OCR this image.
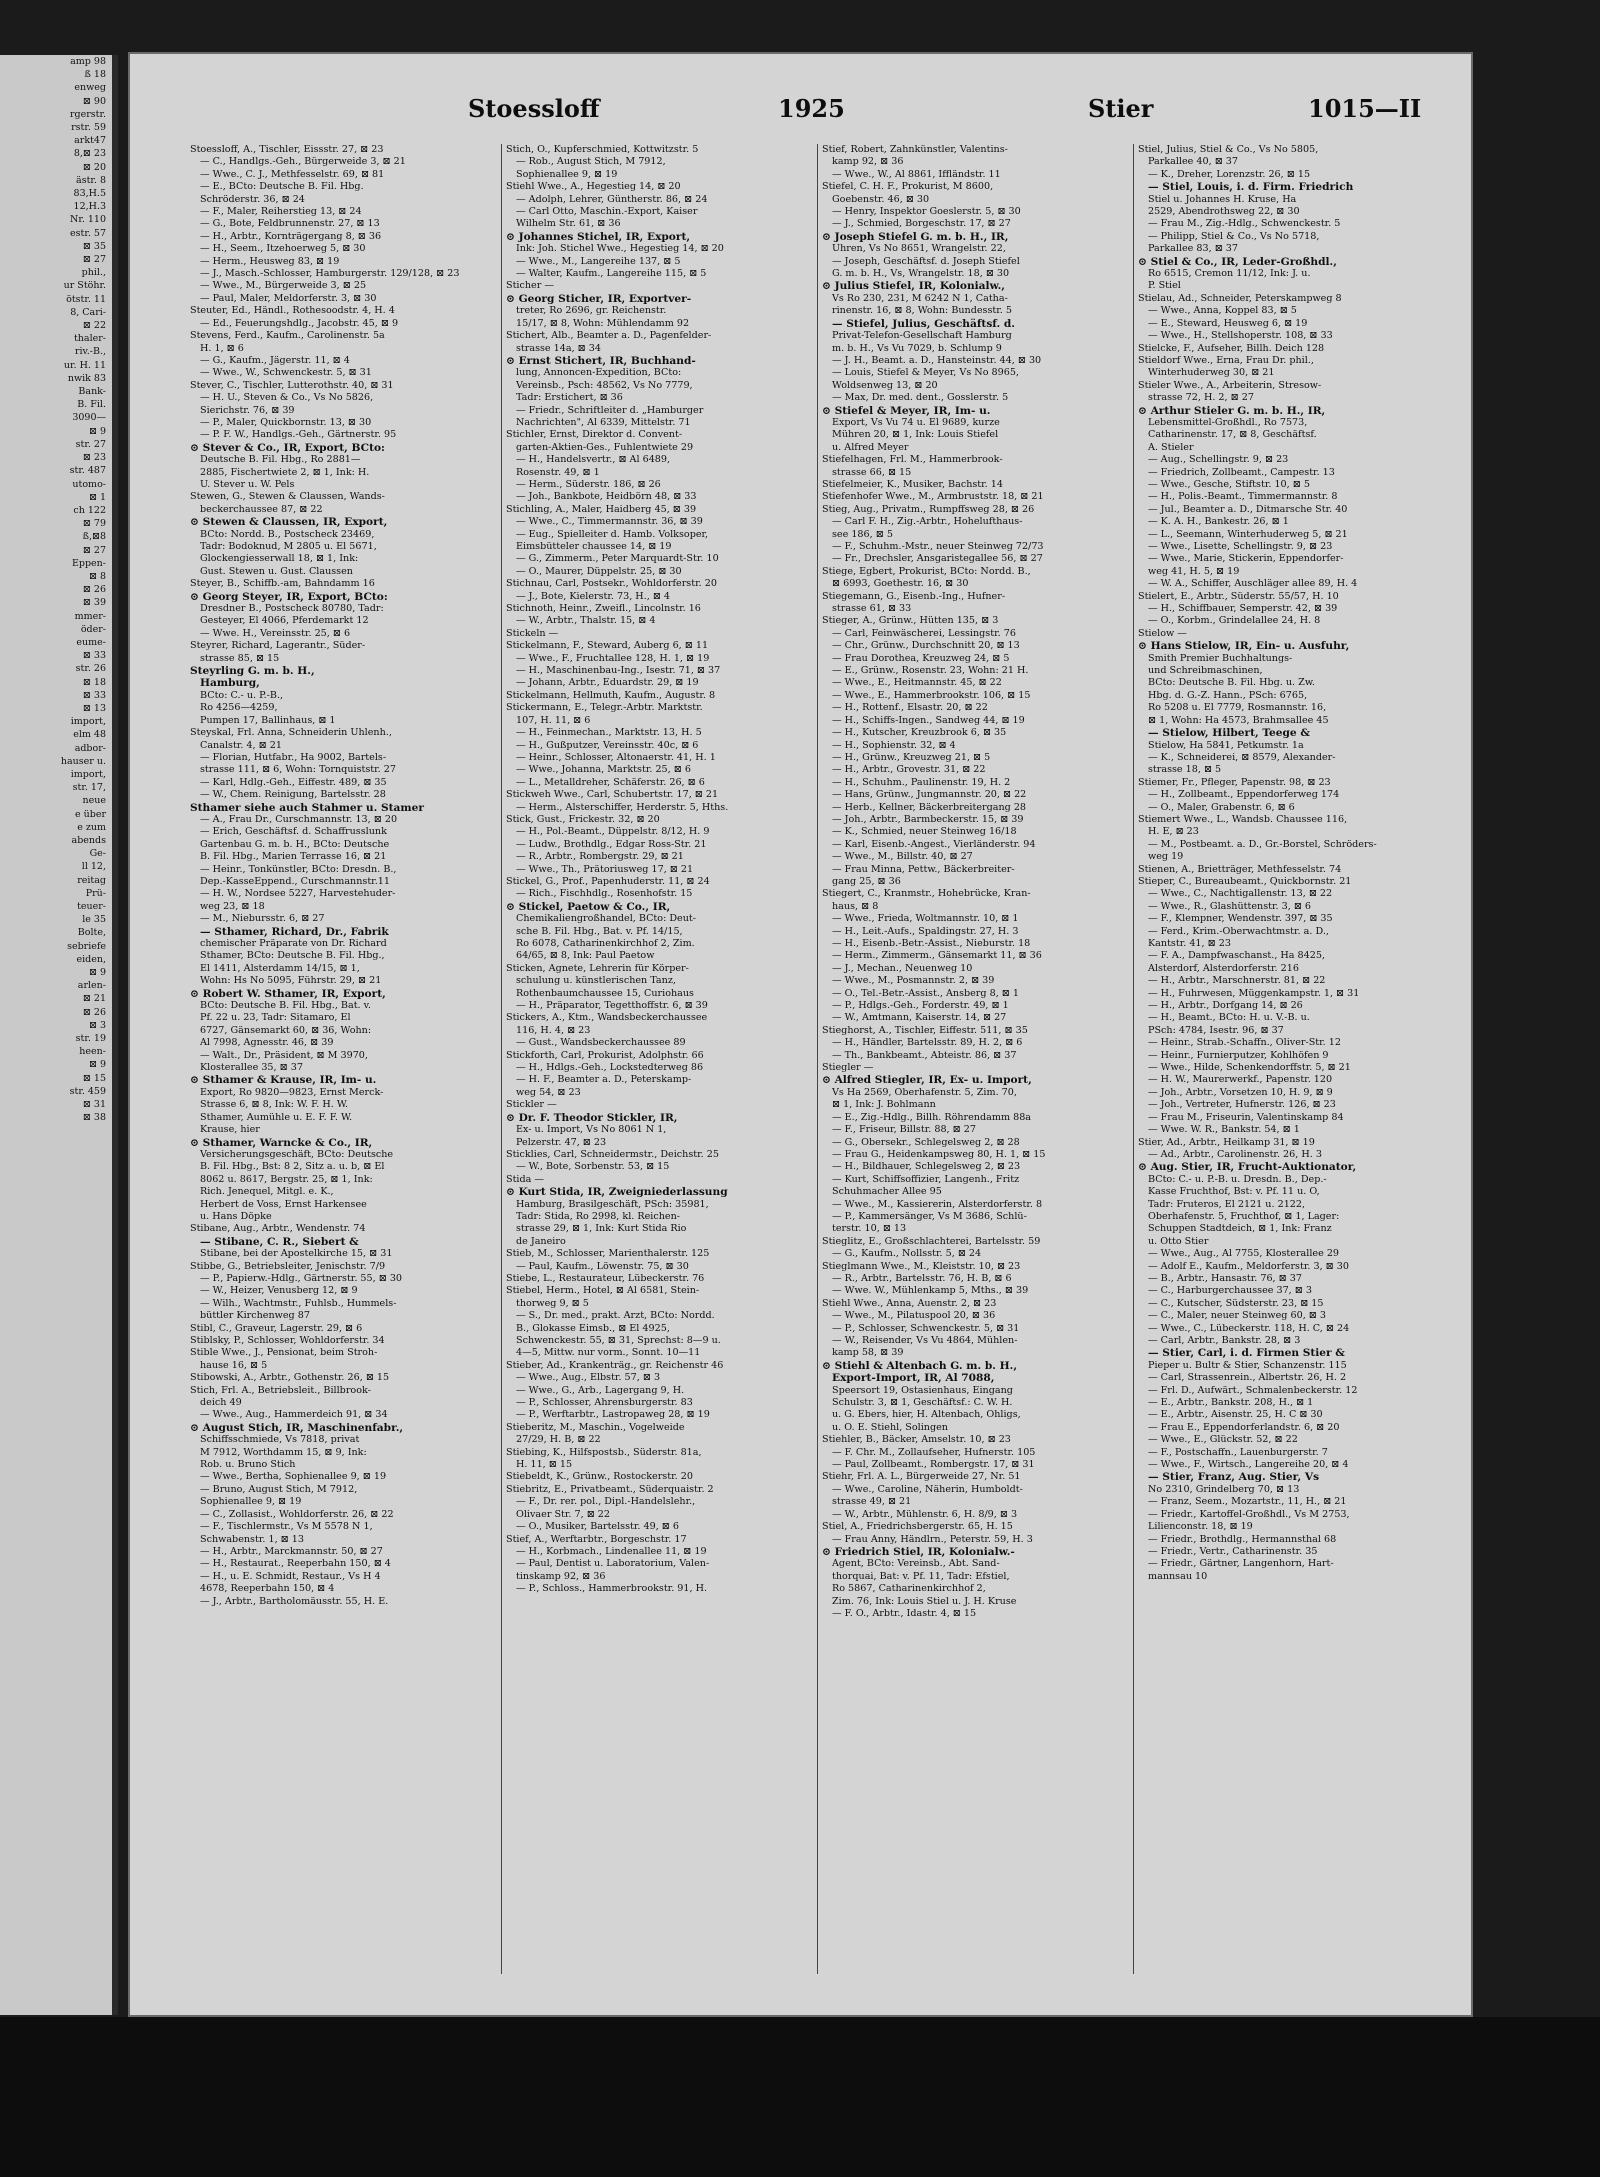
amp 98
ß 18
enweg
⊠ 90
rgerstr.
rstr. 59
arkt47
8,⊠ 23
⊠ 20
ästr. 8
83,H.5
12,H.3
Nr. 110
estr. 57
⊠ 35
⊠ 27
phil.,
ur Stöhr.
ötstr. 11
8, Cari-
⊠ 22
thaler-
riv.-B.,
ur. H. 11
nwik 83
Bank-
B. Fil.
3090—
⊠ 9
str. 27
⊠ 23
str. 487
utomo-
⊠ 1
ch 122
⊠ 79
ß,⊠8
⊠ 27
Eppen-
⊠ 8
⊠ 26
⊠ 39
mmer-
öder-
eume-
⊠ 33
str. 26
⊠ 18
⊠ 33
⊠ 13
import,
elm 48
adbor-
hauser u.
import,
str. 17,
neue
e über
e zum
abends
Ge-
ll 12,
reitag
Prü-
teuer-
le 35
Bolte,
sebriefe
eiden,
⊠ 9
arlen-
⊠ 21
⊠ 26
⊠ 3
str. 19
heen-
⊠ 9
⊠ 15
str. 459
⊠ 31
⊠ 38
Stoessloff	1925	Stier	1015—II
Stoessloff, A., Tischler, Eissstr. 27, ⊠ 23
— C., Handlgs.-Geh., Bürgerweide 3, ⊠ 21
— Wwe., C. J., Methfesselstr. 69, ⊠ 81
— E., BCto: Deutsche B. Fil. Hbg.
Schröderstr. 36, ⊠ 24
— F., Maler, Reiherstieg 13, ⊠ 24
— G., Bote, Feldbrunnenstr. 27, ⊠ 13
— H., Arbtr., Kornträgergang 8, ⊠ 36
— H., Seem., Itzehoerweg 5, ⊠ 30
— Herm., Heusweg 83, ⊠ 19
— J., Masch.-Schlosser, Hamburgerstr. 129/128, ⊠ 23
— Wwe., M., Bürgerweide 3, ⊠ 25
— Paul, Maler, Meldorferstr. 3, ⊠ 30
Steuter, Ed., Händl., Rothesoodstr. 4, H. 4
— Ed., Feuerungshdlg., Jacobstr. 45, ⊠ 9
Stevens, Ferd., Kaufm., Carolinenstr. 5a
H. 1, ⊠ 6
— G., Kaufm., Jägerstr. 11, ⊠ 4
— Wwe., W., Schwenckestr. 5, ⊠ 31
Stever, C., Tischler, Lutterothstr. 40, ⊠ 31
— H. U., Steven & Co., Vs No 5826,
Sierichstr. 76, ⊠ 39
— P., Maler, Quickbornstr. 13, ⊠ 30
— P. F. W., Handlgs.-Geh., Gärtnerstr. 95
⊙ Stever & Co., IR, Export, BCto:
Deutsche B. Fil. Hbg., Ro 2881—
2885, Fischertwiete 2, ⊠ 1, Ink: H.
U. Stever u. W. Pels
Stewen, G., Stewen & Claussen, Wands-
beckerchaussee 87, ⊠ 22
⊙ Stewen & Claussen, IR, Export,
BCto: Nordd. B., Postscheck 23469,
Tadr: Bodoknud, M 2805 u. El 5671,
Glockengiesserwall 18, ⊠ 1, Ink:
Gust. Stewen u. Gust. Claussen
Steyer, B., Schiffb.-am, Bahndamm 16
⊙ Georg Steyer, IR, Export, BCto:
Dresdner B., Postscheck 80780, Tadr:
Gesteyer, El 4066, Pferdemarkt 12
— Wwe. H., Vereinsstr. 25, ⊠ 6
Steyrer, Richard, Lagerantr., Süder-
strasse 85, ⊠ 15
Steyrling G. m. b. H.,
Hamburg,
BCto: C.- u. P.-B.,
Ro 4256—4259,
Pumpen 17, Ballinhaus, ⊠ 1
Steyskal, Frl. Anna, Schneiderin Uhlenh.,
Canalstr. 4, ⊠ 21
— Florian, Hutfabr., Ha 9002, Bartels-
strasse 111, ⊠ 6, Wohn: Tornquiststr. 27
— Karl, Hdlg.-Geh., Eiffestr. 489, ⊠ 35
— W., Chem. Reinigung, Bartelsstr. 28
Sthamer siehe auch Stahmer u. Stamer
— A., Frau Dr., Curschmannstr. 13, ⊠ 20
— Erich, Geschäftsf. d. Schaffrusslunk
Gartenbau G. m. b. H., BCto: Deutsche
B. Fil. Hbg., Marien Terrasse 16, ⊠ 21
— Heinr., Tonkünstler, BCto: Dresdn. B.,
Dep.-KasseEppend., Curschmannstr.11
— H. W., Nordsee 5227, Harvestehuder-
weg 23, ⊠ 18
— M., Niebursstr. 6, ⊠ 27
— Sthamer, Richard, Dr., Fabrik
chemischer Präparate von Dr. Richard
Sthamer, BCto: Deutsche B. Fil. Hbg.,
El 1411, Alsterdamm 14/15, ⊠ 1,
Wohn: Hs No 5095, Führstr. 29, ⊠ 21
⊙ Robert W. Sthamer, IR, Export,
BCto: Deutsche B. Fil. Hbg., Bat. v.
Pf. 22 u. 23, Tadr: Sitamaro, El
6727, Gänsemarkt 60, ⊠ 36, Wohn:
Al 7998, Agnesstr. 46, ⊠ 39
— Walt., Dr., Präsident, ⊠ M 3970,
Klosterallee 35, ⊠ 37
⊙ Sthamer & Krause, IR, Im- u.
Export, Ro 9820—9823, Ernst Merck-
Strasse 6, ⊠ 8, Ink: W. F. H. W.
Sthamer, Aumühle u. E. F. F. W.
Krause, hier
⊙ Sthamer, Warncke & Co., IR,
Versicherungsgeschäft, BCto: Deutsche
B. Fil. Hbg., Bst: 8 2, Sitz a. u. b, ⊠ El
8062 u. 8617, Bergstr. 25, ⊠ 1, Ink:
Rich. Jenequel, Mitgl. e. K.,
Herbert de Voss, Ernst Harkensee
u. Hans Döpke
Stibane, Aug., Arbtr., Wendenstr. 74
— Stibane, C. R., Siebert &
Stibane, bei der Apostelkirche 15, ⊠ 31
Stibbe, G., Betriebsleiter, Jenischstr. 7/9
— P., Papierw.-Hdlg., Gärtnerstr. 55, ⊠ 30
— W., Heizer, Venusberg 12, ⊠ 9
— Wilh., Wachtmstr., Fuhlsb., Hummels-
büttler Kirchenweg 87
Stibl, C., Graveur, Lagerstr. 29, ⊠ 6
Stiblsky, P., Schlosser, Wohldorferstr. 34
Stible Wwe., J., Pensionat, beim Stroh-
hause 16, ⊠ 5
Stibowski, A., Arbtr., Gothenstr. 26, ⊠ 15
Stich, Frl. A., Betriebsleit., Billbrook-
deich 49
— Wwe., Aug., Hammerdeich 91, ⊠ 34
⊙ August Stich, IR, Maschinenfabr.,
Schiffsschmiede, Vs 7818, privat
M 7912, Worthdamm 15, ⊠ 9, Ink:
Rob. u. Bruno Stich
— Wwe., Bertha, Sophienallee 9, ⊠ 19
— Bruno, August Stich, M 7912,
Sophienallee 9, ⊠ 19
— C., Zollasist., Wohldorferstr. 26, ⊠ 22
— F., Tischlermstr., Vs M 5578 N 1,
Schwabenstr. 1, ⊠ 13
— H., Arbtr., Marckmannstr. 50, ⊠ 27
— H., Restaurat., Reeperbahn 150, ⊠ 4
— H., u. E. Schmidt, Restaur., Vs H 4
4678, Reeperbahn 150, ⊠ 4
— J., Arbtr., Bartholomäusstr. 55, H. E.
Stich, O., Kupferschmied, Kottwitzstr. 5
— Rob., August Stich, M 7912,
Sophienallee 9, ⊠ 19
Stiehl Wwe., A., Hegestieg 14, ⊠ 20
— Adolph, Lehrer, Güntherstr. 86, ⊠ 24
— Carl Otto, Maschin.-Export, Kaiser
Wilhelm Str. 61, ⊠ 36
⊙ Johannes Stichel, IR, Export,
Ink: Joh. Stichel Wwe., Hegestieg 14, ⊠ 20
— Wwe., M., Langereihe 137, ⊠ 5
— Walter, Kaufm., Langereihe 115, ⊠ 5
Sticher —
⊙ Georg Sticher, IR, Exportver-
treter, Ro 2696, gr. Reichenstr.
15/17, ⊠ 8, Wohn: Mühlendamm 92
Stichert, Alb., Beamter a. D., Pagenfelder-
strasse 14a, ⊠ 34
⊙ Ernst Stichert, IR, Buchhand-
lung, Annoncen-Expedition, BCto:
Vereinsb., Psch: 48562, Vs No 7779,
Tadr: Erstichert, ⊠ 36
— Friedr., Schriftleiter d. „Hamburger
Nachrichten", Al 6339, Mittelstr. 71
Stichler, Ernst, Direktor d. Convent-
garten-Aktien-Ges., Fuhlentwiete 29
— H., Handelsvertr., ⊠ Al 6489,
Rosenstr. 49, ⊠ 1
— Herm., Süderstr. 186, ⊠ 26
— Joh., Bankbote, Heidbörn 48, ⊠ 33
Stichling, A., Maler, Haidberg 45, ⊠ 39
— Wwe., C., Timmermannstr. 36, ⊠ 39
— Eug., Spielleiter d. Hamb. Volksoper,
Eimsbütteler chaussee 14, ⊠ 19
— G., Zimmerm., Peter Marquardt-Str. 10
— O., Maurer, Düppelstr. 25, ⊠ 30
Stichnau, Carl, Postsekr., Wohldorferstr. 20
— J., Bote, Kielerstr. 73, H., ⊠ 4
Stichnoth, Heinr., Zweifl., Lincolnstr. 16
— W., Arbtr., Thalstr. 15, ⊠ 4
Stickeln —
Stickelmann, F., Steward, Auberg 6, ⊠ 11
— Wwe., F., Fruchtallee 128, H. 1, ⊠ 19
— H., Maschinenbau-Ing., Isestr. 71, ⊠ 37
— Johann, Arbtr., Eduardstr. 29, ⊠ 19
Stickelmann, Hellmuth, Kaufm., Augustr. 8
Stickermann, E., Telegr.-Arbtr. Marktstr.
107, H. 11, ⊠ 6
— H., Feinmechan., Marktstr. 13, H. 5
— H., Gußputzer, Vereinsstr. 40c, ⊠ 6
— Heinr., Schlosser, Altonaerstr. 41, H. 1
— Wwe., Johanna, Marktstr. 25, ⊠ 6
— L., Metalldreher, Schäferstr. 26, ⊠ 6
Stickweh Wwe., Carl, Schubertstr. 17, ⊠ 21
— Herm., Alsterschiffer, Herderstr. 5, Hths.
Stick, Gust., Frickestr. 32, ⊠ 20
— H., Pol.-Beamt., Düppelstr. 8/12, H. 9
— Ludw., Brothdlg., Edgar Ross-Str. 21
— R., Arbtr., Rombergstr. 29, ⊠ 21
— Wwe., Th., Prätoriusweg 17, ⊠ 21
Stickel, G., Prof., Papenhuderstr. 11, ⊠ 24
— Rich., Fischhdlg., Rosenhofstr. 15
⊙ Stickel, Paetow & Co., IR,
Chemikaliengroßhandel, BCto: Deut-
sche B. Fil. Hbg., Bat. v. Pf. 14/15,
Ro 6078, Catharinenkirchhof 2, Zim.
64/65, ⊠ 8, Ink: Paul Paetow
Sticken, Agnete, Lehrerin für Körper-
schulung u. künstlerischen Tanz,
Rothenbaumchaussee 15, Curiohaus
— H., Präparator, Tegetthoffstr. 6, ⊠ 39
Stickers, A., Ktm., Wandsbeckerchaussee
116, H. 4, ⊠ 23
— Gust., Wandsbeckerchaussee 89
Stickforth, Carl, Prokurist, Adolphstr. 66
— H., Hdlgs.-Geh., Lockstedterweg 86
— H. F., Beamter a. D., Peterskamp-
weg 54, ⊠ 23
Stickler —
⊙ Dr. F. Theodor Stickler, IR,
Ex- u. Import, Vs No 8061 N 1,
Pelzerstr. 47, ⊠ 23
Sticklies, Carl, Schneidermstr., Deichstr. 25
— W., Bote, Sorbenstr. 53, ⊠ 15
Stida —
⊙ Kurt Stida, IR, Zweigniederlassung
Hamburg, Brasilgeschäft, PSch: 35981,
Tadr: Stida, Ro 2998, kl. Reichen-
strasse 29, ⊠ 1, Ink: Kurt Stida Rio
de Janeiro
Stieb, M., Schlosser, Marienthalerstr. 125
— Paul, Kaufm., Löwenstr. 75, ⊠ 30
Stiebe, L., Restaurateur, Lübeckerstr. 76
Stiebel, Herm., Hotel, ⊠ Al 6581, Stein-
thorweg 9, ⊠ 5
— S., Dr. med., prakt. Arzt, BCto: Nordd.
B., Glokasse Eimsb., ⊠ El 4925,
Schwenckestr. 55, ⊠ 31, Sprechst: 8—9 u.
4—5, Mittw. nur vorm., Sonnt. 10—11
Stieber, Ad., Krankenträg., gr. Reichenstr 46
— Wwe., Aug., Elbstr. 57, ⊠ 3
— Wwe., G., Arb., Lagergang 9, H.
— P., Schlosser, Ahrensburgerstr. 83
— P., Werftarbtr., Lastropaweg 28, ⊠ 19
Stieberitz, M., Maschin., Vogelweide
27/29, H. B, ⊠ 22
Stiebing, K., Hilfspostsb., Süderstr. 81a,
H. 11, ⊠ 15
Stiebeldt, K., Grünw., Rostockerstr. 20
Stiebritz, E., Privatbeamt., Süderquaistr. 2
— F., Dr. rer. pol., Dipl.-Handelslehr.,
Olivaer Str. 7, ⊠ 22
— O., Musiker, Bartelsstr. 49, ⊠ 6
Stief, A., Werftarbtr., Borgeschstr. 17
— H., Korbmach., Lindenallee 11, ⊠ 19
— Paul, Dentist u. Laboratorium, Valen-
tinskamp 92, ⊠ 36
— P., Schloss., Hammerbrookstr. 91, H.
Stief, Robert, Zahnkünstler, Valentins-
kamp 92, ⊠ 36
— Wwe., W., Al 8861, Iffländstr. 11
Stiefel, C. H. F., Prokurist, M 8600,
Goebenstr. 46, ⊠ 30
— Henry, Inspektor Goeslerstr. 5, ⊠ 30
— J., Schmied, Borgeschstr. 17, ⊠ 27
⊙ Joseph Stiefel G. m. b. H., IR,
Uhren, Vs No 8651, Wrangelstr. 22,
— Joseph, Geschäftsf. d. Joseph Stiefel
G. m. b. H., Vs, Wrangelstr. 18, ⊠ 30
⊙ Julius Stiefel, IR, Kolonialw.,
Vs Ro 230, 231, M 6242 N 1, Catha-
rinenstr. 16, ⊠ 8, Wohn: Bundesstr. 5
— Stiefel, Julius, Geschäftsf. d.
Privat-Telefon-Gesellschaft Hamburg
m. b. H., Vs Vu 7029, b. Schlump 9
— J. H., Beamt. a. D., Hansteinstr. 44, ⊠ 30
— Louis, Stiefel & Meyer, Vs No 8965,
Woldsenweg 13, ⊠ 20
— Max, Dr. med. dent., Gosslerstr. 5
⊙ Stiefel & Meyer, IR, Im- u.
Export, Vs Vu 74 u. El 9689, kurze
Mühren 20, ⊠ 1, Ink: Louis Stiefel
u. Alfred Meyer
Stiefelhagen, Frl. M., Hammerbrook-
strasse 66, ⊠ 15
Stiefelmeier, K., Musiker, Bachstr. 14
Stiefenhofer Wwe., M., Armbruststr. 18, ⊠ 21
Stieg, Aug., Privatm., Rumpffsweg 28, ⊠ 26
— Carl F. H., Zig.-Arbtr., Hohelufthaus-
see 186, ⊠ 5
— F., Schuhm.-Mstr., neuer Steinweg 72/73
— Fr., Drechsler, Ansgaristegallee 56, ⊠ 27
Stiege, Egbert, Prokurist, BCto: Nordd. B.,
⊠ 6993, Goethestr. 16, ⊠ 30
Stiegemann, G., Eisenb.-Ing., Hufner-
strasse 61, ⊠ 33
Stieger, A., Grünw., Hütten 135, ⊠ 3
— Carl, Feinwäscherei, Lessingstr. 76
— Chr., Grünw., Durchschnitt 20, ⊠ 13
— Frau Dorothea, Kreuzweg 24, ⊠ 5
— E., Grünw., Rosenstr. 23, Wohn: 21 H.
— Wwe., E., Heitmannstr. 45, ⊠ 22
— Wwe., E., Hammerbrookstr. 106, ⊠ 15
— H., Rottenf., Elsastr. 20, ⊠ 22
— H., Schiffs-Ingen., Sandweg 44, ⊠ 19
— H., Kutscher, Kreuzbrook 6, ⊠ 35
— H., Sophienstr. 32, ⊠ 4
— H., Grünw., Kreuzweg 21, ⊠ 5
— H., Arbtr., Grovestr. 31, ⊠ 22
— H., Schuhm., Paulinenstr. 19, H. 2
— Hans, Grünw., Jungmannstr. 20, ⊠ 22
— Herb., Kellner, Bäckerbreitergang 28
— Joh., Arbtr., Barmbeckerstr. 15, ⊠ 39
— K., Schmied, neuer Steinweg 16/18
— Karl, Eisenb.-Angest., Vierländerstr. 94
— Wwe., M., Billstr. 40, ⊠ 27
— Frau Minna, Pettw., Bäckerbreiter-
gang 25, ⊠ 36
Stiegert, C., Kranmstr., Hohebrücke, Kran-
haus, ⊠ 8
— Wwe., Frieda, Woltmannstr. 10, ⊠ 1
— H., Leit.-Aufs., Spaldingstr. 27, H. 3
— H., Eisenb.-Betr.-Assist., Nieburstr. 18
— Herm., Zimmerm., Gänsemarkt 11, ⊠ 36
— J., Mechan., Neuenweg 10
— Wwe., M., Posmannstr. 2, ⊠ 39
— O., Tel.-Betr.-Assist., Ansberg 8, ⊠ 1
— P., Hdlgs.-Geh., Forderstr. 49, ⊠ 1
— W., Amtmann, Kaiserstr. 14, ⊠ 27
Stieghorst, A., Tischler, Eiffestr. 511, ⊠ 35
— H., Händler, Bartelsstr. 89, H. 2, ⊠ 6
— Th., Bankbeamt., Abteistr. 86, ⊠ 37
Stiegler —
⊙ Alfred Stiegler, IR, Ex- u. Import,
Vs Ha 2569, Oberhafenstr. 5, Zim. 70,
⊠ 1, Ink: J. Bohlmann
— E., Zig.-Hdlg., Billh. Röhrendamm 88a
— F., Friseur, Billstr. 88, ⊠ 27
— G., Obersekr., Schlegelsweg 2, ⊠ 28
— Frau G., Heidenkampsweg 80, H. 1, ⊠ 15
— H., Bildhauer, Schlegelsweg 2, ⊠ 23
— Kurt, Schiffsoffizier, Langenh., Fritz
Schuhmacher Allee 95
— Wwe., M., Kassiererin, Alsterdorferstr. 8
— P., Kammersänger, Vs M 3686, Schlü-
terstr. 10, ⊠ 13
Stieglitz, E., Großschlachterei, Bartelsstr. 59
— G., Kaufm., Nollsstr. 5, ⊠ 24
Stieglmann Wwe., M., Kleiststr. 10, ⊠ 23
— R., Arbtr., Bartelsstr. 76, H. B, ⊠ 6
— Wwe. W., Mühlenkamp 5, Mths., ⊠ 39
Stiehl Wwe., Anna, Auenstr. 2, ⊠ 23
— Wwe., M., Pilatuspool 20, ⊠ 36
— P., Schlosser, Schwenckestr. 5, ⊠ 31
— W., Reisender, Vs Vu 4864, Mühlen-
kamp 58, ⊠ 39
⊙ Stiehl & Altenbach G. m. b. H.,
Export-Import, IR, Al 7088,
Speersort 19, Ostasienhaus, Eingang
Schulstr. 3, ⊠ 1, Geschäftsf.: C. W. H.
u. G. Ebers, hier, H. Altenbach, Ohligs,
u. O. E. Stiehl, Solingen
Stiehler, B., Bäcker, Amselstr. 10, ⊠ 23
— F. Chr. M., Zollaufseher, Hufnerstr. 105
— Paul, Zollbeamt., Rombergstr. 17, ⊠ 31
Stiehr, Frl. A. L., Bürgerweide 27, Nr. 51
— Wwe., Caroline, Näherin, Humboldt-
strasse 49, ⊠ 21
— W., Arbtr., Mühlenstr. 6, H. 8/9, ⊠ 3
Stiel, A., Friedrichsbergerstr. 65, H. 15
— Frau Anny, Händlrn., Peterstr. 59, H. 3
⊙ Friedrich Stiel, IR, Kolonialw.-
Agent, BCto: Vereinsb., Abt. Sand-
thorquai, Bat: v. Pf. 11, Tadr: Efstiel,
Ro 5867, Catharinenkirchhof 2,
Zim. 76, Ink: Louis Stiel u. J. H. Kruse
— F. O., Arbtr., Idastr. 4, ⊠ 15
Stiel, Julius, Stiel & Co., Vs No 5805,
Parkallee 40, ⊠ 37
— K., Dreher, Lorenzstr. 26, ⊠ 15
— Stiel, Louis, i. d. Firm. Friedrich
Stiel u. Johannes H. Kruse, Ha
2529, Abendrothsweg 22, ⊠ 30
— Frau M., Zig.-Hdlg., Schwenckestr. 5
— Philipp, Stiel & Co., Vs No 5718,
Parkallee 83, ⊠ 37
⊙ Stiel & Co., IR, Leder-Großhdl.,
Ro 6515, Cremon 11/12, Ink: J. u.
P. Stiel
Stielau, Ad., Schneider, Peterskampweg 8
— Wwe., Anna, Koppel 83, ⊠ 5
— E., Steward, Heusweg 6, ⊠ 19
— Wwe., H., Stellshoperstr. 108, ⊠ 33
Stielcke, F., Aufseher, Billh. Deich 128
Stieldorf Wwe., Erna, Frau Dr. phil.,
Winterhuderweg 30, ⊠ 21
Stieler Wwe., A., Arbeiterin, Stresow-
strasse 72, H. 2, ⊠ 27
⊙ Arthur Stieler G. m. b. H., IR,
Lebensmittel-Großhdl., Ro 7573,
Catharinenstr. 17, ⊠ 8, Geschäftsf.
A. Stieler
— Aug., Schellingstr. 9, ⊠ 23
— Friedrich, Zollbeamt., Campestr. 13
— Wwe., Gesche, Stiftstr. 10, ⊠ 5
— H., Polis.-Beamt., Timmermannstr. 8
— Jul., Beamter a. D., Ditmarsche Str. 40
— K. A. H., Bankestr. 26, ⊠ 1
— L., Seemann, Winterhuderweg 5, ⊠ 21
— Wwe., Lisette, Schellingstr. 9, ⊠ 23
— Wwe., Marie, Stickerin, Eppendorfer-
weg 41, H. 5, ⊠ 19
— W. A., Schiffer, Auschläger allee 89, H. 4
Stielert, E., Arbtr., Süderstr. 55/57, H. 10
— H., Schiffbauer, Semperstr. 42, ⊠ 39
— O., Korbm., Grindelallee 24, H. 8
Stielow —
⊙ Hans Stielow, IR, Ein- u. Ausfuhr,
Smith Premier Buchhaltungs-
und Schreibmaschinen,
BCto: Deutsche B. Fil. Hbg. u. Zw.
Hbg. d. G.-Z. Hann., PSch: 6765,
Ro 5208 u. El 7779, Rosmannstr. 16,
⊠ 1, Wohn: Ha 4573, Brahmsallee 45
— Stielow, Hilbert, Teege &
Stielow, Ha 5841, Petkumstr. 1a
— K., Schneiderei, ⊠ 8579, Alexander-
strasse 18, ⊠ 5
Stiemer, Fr., Pfleger, Papenstr. 98, ⊠ 23
— H., Zollbeamt., Eppendorferweg 174
— O., Maler, Grabenstr. 6, ⊠ 6
Stiemert Wwe., L., Wandsb. Chaussee 116,
H. E, ⊠ 23
— M., Postbeamt. a. D., Gr.-Borstel, Schröders-
weg 19
Stienen, A., Brietträger, Methfesselstr. 74
Stieper, C., Bureaubeamt., Quickbornstr. 21
— Wwe., C., Nachtigallenstr. 13, ⊠ 22
— Wwe., R., Glashüttenstr. 3, ⊠ 6
— F., Klempner, Wendenstr. 397, ⊠ 35
— Ferd., Krim.-Oberwachtmstr. a. D.,
Kantstr. 41, ⊠ 23
— F. A., Dampfwaschanst., Ha 8425,
Alsterdorf, Alsterdorferstr. 216
— H., Arbtr., Marschnerstr. 81, ⊠ 22
— H., Fuhrwesen, Müggenkampstr. 1, ⊠ 31
— H., Arbtr., Dorfgang 14, ⊠ 26
— H., Beamt., BCto: H. u. V.-B. u.
PSch: 4784, Isestr. 96, ⊠ 37
— Heinr., Strab.-Schaffn., Oliver-Str. 12
— Heinr., Furnierputzer, Kohlhöfen 9
— Wwe., Hilde, Schenkendorffstr. 5, ⊠ 21
— H. W., Maurerwerkf., Papenstr. 120
— Joh., Arbtr., Vorsetzen 10, H. 9, ⊠ 9
— Joh., Vertreter, Hufnerstr. 126, ⊠ 23
— Frau M., Friseurin, Valentinskamp 84
— Wwe. W. R., Bankstr. 54, ⊠ 1
Stier, Ad., Arbtr., Heilkamp 31, ⊠ 19
— Ad., Arbtr., Carolinenstr. 26, H. 3
⊙ Aug. Stier, IR, Frucht-Auktionator,
BCto: C.- u. P.-B. u. Dresdn. B., Dep.-
Kasse Fruchthof, Bst: v. Pf. 11 u. O,
Tadr: Fruteros, El 2121 u. 2122,
Oberhafenstr. 5, Fruchthof, ⊠ 1, Lager:
Schuppen Stadtdeich, ⊠ 1, Ink: Franz
u. Otto Stier
— Wwe., Aug., Al 7755, Klosterallee 29
— Adolf E., Kaufm., Meldorferstr. 3, ⊠ 30
— B., Arbtr., Hansastr. 76, ⊠ 37
— C., Harburgerchaussee 37, ⊠ 3
— C., Kutscher, Südsterstr. 23, ⊠ 15
— C., Maler, neuer Steinweg 60, ⊠ 3
— Wwe., C., Lübeckerstr. 118, H. C, ⊠ 24
— Carl, Arbtr., Bankstr. 28, ⊠ 3
— Stier, Carl, i. d. Firmen Stier &
Pieper u. Bultr & Stier, Schanzenstr. 115
— Carl, Strassenrein., Albertstr. 26, H. 2
— Frl. D., Aufwärt., Schmalenbeckerstr. 12
— E., Arbtr., Bankstr. 208, H., ⊠ 1
— E., Arbtr., Aisenstr. 25, H. C ⊠ 30
— Frau E., Eppendorferlandstr. 6, ⊠ 20
— Wwe., E., Glückstr. 52, ⊠ 22
— F., Postschaffn., Lauenburgerstr. 7
— Wwe., F., Wirtsch., Langereihe 20, ⊠ 4
— Stier, Franz, Aug. Stier, Vs
No 2310, Grindelberg 70, ⊠ 13
— Franz, Seem., Mozartstr., 11, H., ⊠ 21
— Friedr., Kartoffel-Großhdl., Vs M 2753,
Lilienconstr. 18, ⊠ 19
— Friedr., Brothdlg., Hermannsthal 68
— Friedr., Vertr., Catharinenstr. 35
— Friedr., Gärtner, Langenhorn, Hart-
mannsau 10
